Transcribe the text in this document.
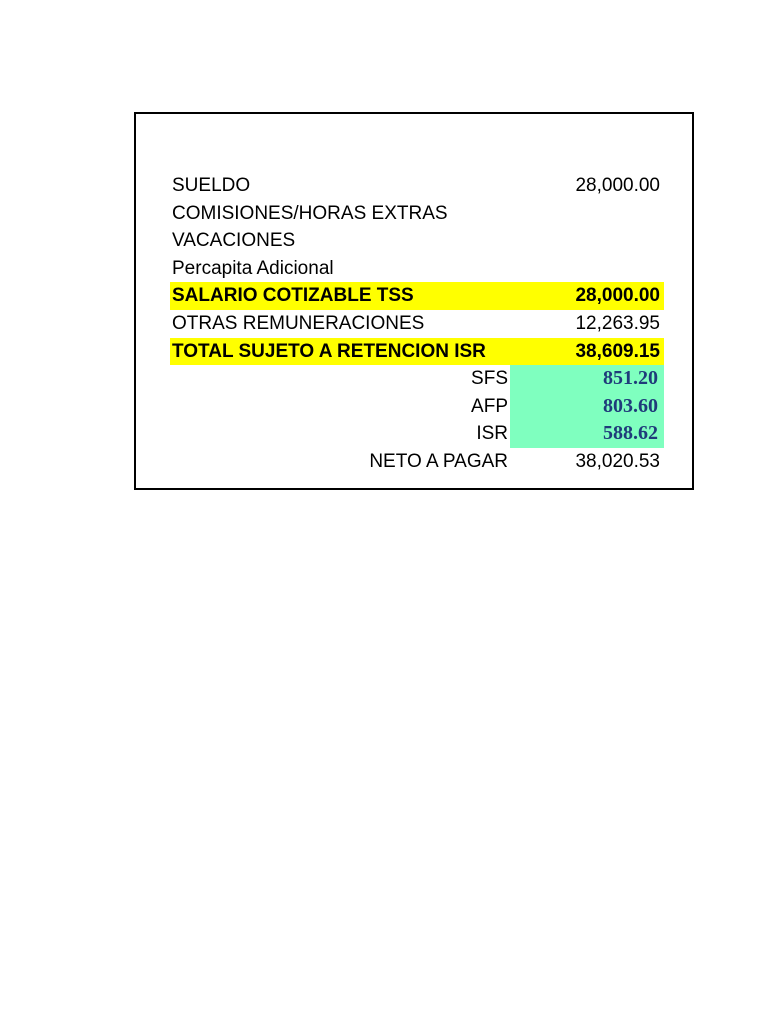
SUELDO	28,000.00
COMISIONES/HORAS EXTRAS
VACACIONES
Percapita Adicional
SALARIO COTIZABLE TSS	28,000.00
OTRAS REMUNERACIONES	12,263.95
TOTAL SUJETO A RETENCION ISR	38,609.15
SFS	851.20
AFP	803.60
ISR	588.62
NETO A PAGAR	38,020.53
